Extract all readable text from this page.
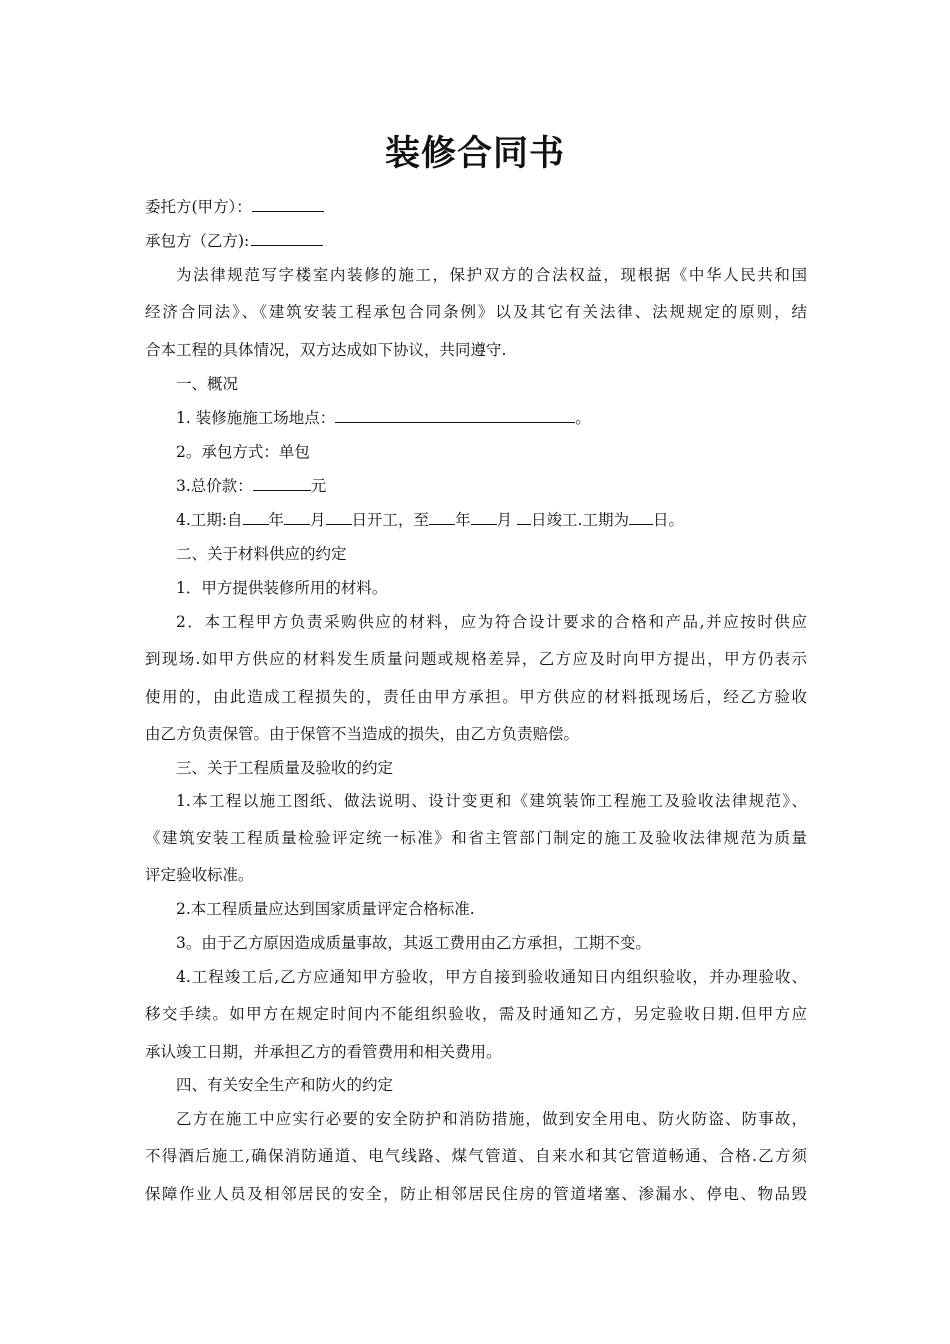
装修合同书
委托方(甲方）：
承包方（乙方):
为法律规范写字楼室内装修的施工，保护双方的合法权益，现根据《中华人民共和国
经济合同法》、《建筑安装工程承包合同条例》以及其它有关法律、法规规定的原则，结
合本工程的具体情况，双方达成如下协议，共同遵守.
一、概况
1. 装修施施工场地点：	。
2。承包方式：单包
3.总价款：	元
4.工期:自 年 月 日开工，至 年 月 日竣工.工期为 日。
二、关于材料供应的约定
1．甲方提供装修所用的材料。
2．本工程甲方负责采购供应的材料，应为符合设计要求的合格和产品,并应按时供应
到现场.如甲方供应的材料发生质量问题或规格差异，乙方应及时向甲方提出，甲方仍表示
使用的，由此造成工程损失的，责任由甲方承担。甲方供应的材料抵现场后，经乙方验收
由乙方负责保管。由于保管不当造成的损失，由乙方负责赔偿。
三、关于工程质量及验收的约定
1.本工程以施工图纸、做法说明、设计变更和《建筑装饰工程施工及验收法律规范》、
《建筑安装工程质量检验评定统一标准》和省主管部门制定的施工及验收法律规范为质量
评定验收标准。
2.本工程质量应达到国家质量评定合格标准.
3。由于乙方原因造成质量事故，其返工费用由乙方承担，工期不变。
4.工程竣工后,乙方应通知甲方验收，甲方自接到验收通知日内组织验收，并办理验收、
移交手续。如甲方在规定时间内不能组织验收，需及时通知乙方，另定验收日期.但甲方应
承认竣工日期，并承担乙方的看管费用和相关费用。
四、有关安全生产和防火的约定
乙方在施工中应实行必要的安全防护和消防措施，做到安全用电、防火防盗、防事故，
不得酒后施工,确保消防通道、电气线路、煤气管道、自来水和其它管道畅通、合格.乙方须
保障作业人员及相邻居民的安全，防止相邻居民住房的管道堵塞、渗漏水、停电、物品毁
